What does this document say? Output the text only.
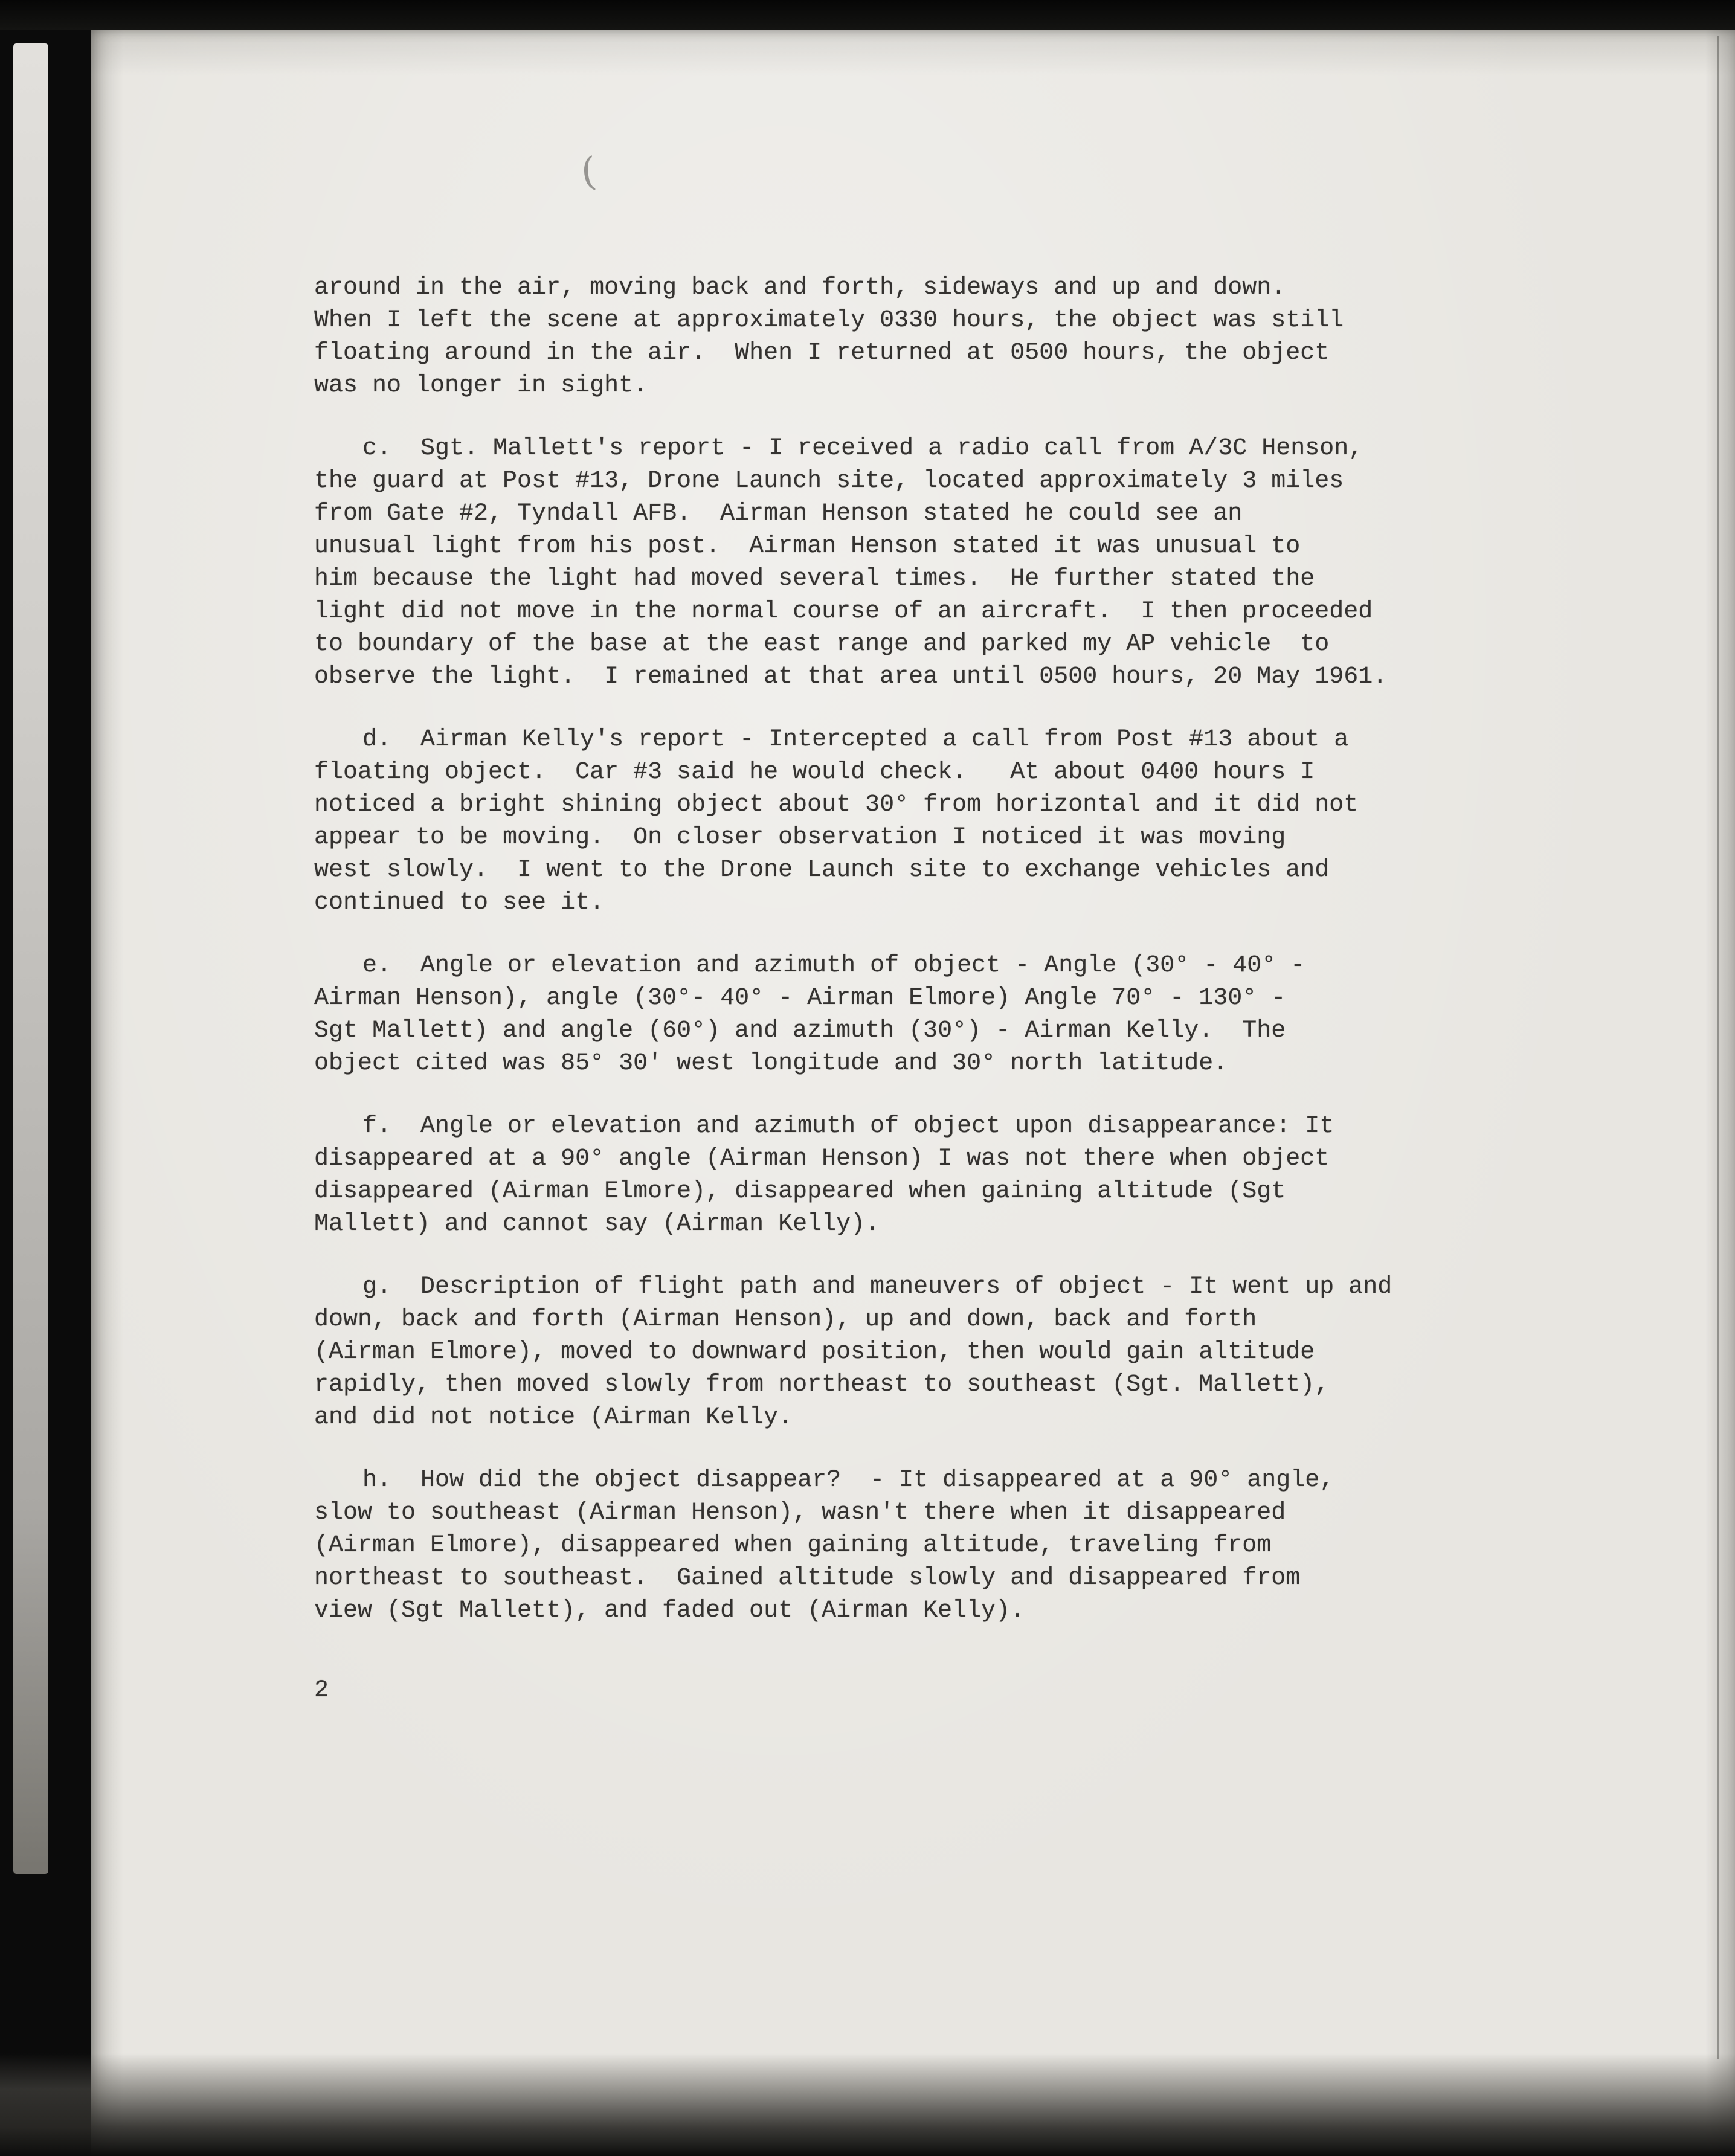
(
around in the air, moving back and forth, sideways and up and down.
When I left the scene at approximately 0330 hours, the object was still
floating around in the air.  When I returned at 0500 hours, the object
was no longer in sight.
c.  Sgt. Mallett's report - I received a radio call from A/3C Henson,
the guard at Post #13, Drone Launch site, located approximately 3 miles
from Gate #2, Tyndall AFB.  Airman Henson stated he could see an
unusual light from his post.  Airman Henson stated it was unusual to
him because the light had moved several times.  He further stated the
light did not move in the normal course of an aircraft.  I then proceeded
to boundary of the base at the east range and parked my AP vehicle  to
observe the light.  I remained at that area until 0500 hours, 20 May 1961.
d.  Airman Kelly's report - Intercepted a call from Post #13 about a
floating object.  Car #3 said he would check.   At about 0400 hours I
noticed a bright shining object about 30° from horizontal and it did not
appear to be moving.  On closer observation I noticed it was moving
west slowly.  I went to the Drone Launch site to exchange vehicles and
continued to see it.
e.  Angle or elevation and azimuth of object - Angle (30° - 40° -
Airman Henson), angle (30°- 40° - Airman Elmore) Angle 70° - 130° -
Sgt Mallett) and angle (60°) and azimuth (30°) - Airman Kelly.  The
object cited was 85° 30' west longitude and 30° north latitude.
f.  Angle or elevation and azimuth of object upon disappearance: It
disappeared at a 90° angle (Airman Henson) I was not there when object
disappeared (Airman Elmore), disappeared when gaining altitude (Sgt
Mallett) and cannot say (Airman Kelly).
g.  Description of flight path and maneuvers of object - It went up and
down, back and forth (Airman Henson), up and down, back and forth
(Airman Elmore), moved to downward position, then would gain altitude
rapidly, then moved slowly from northeast to southeast (Sgt. Mallett),
and did not notice (Airman Kelly.
h.  How did the object disappear?  - It disappeared at a 90° angle,
slow to southeast (Airman Henson), wasn't there when it disappeared
(Airman Elmore), disappeared when gaining altitude, traveling from
northeast to southeast.  Gained altitude slowly and disappeared from
view (Sgt Mallett), and faded out (Airman Kelly).
2
